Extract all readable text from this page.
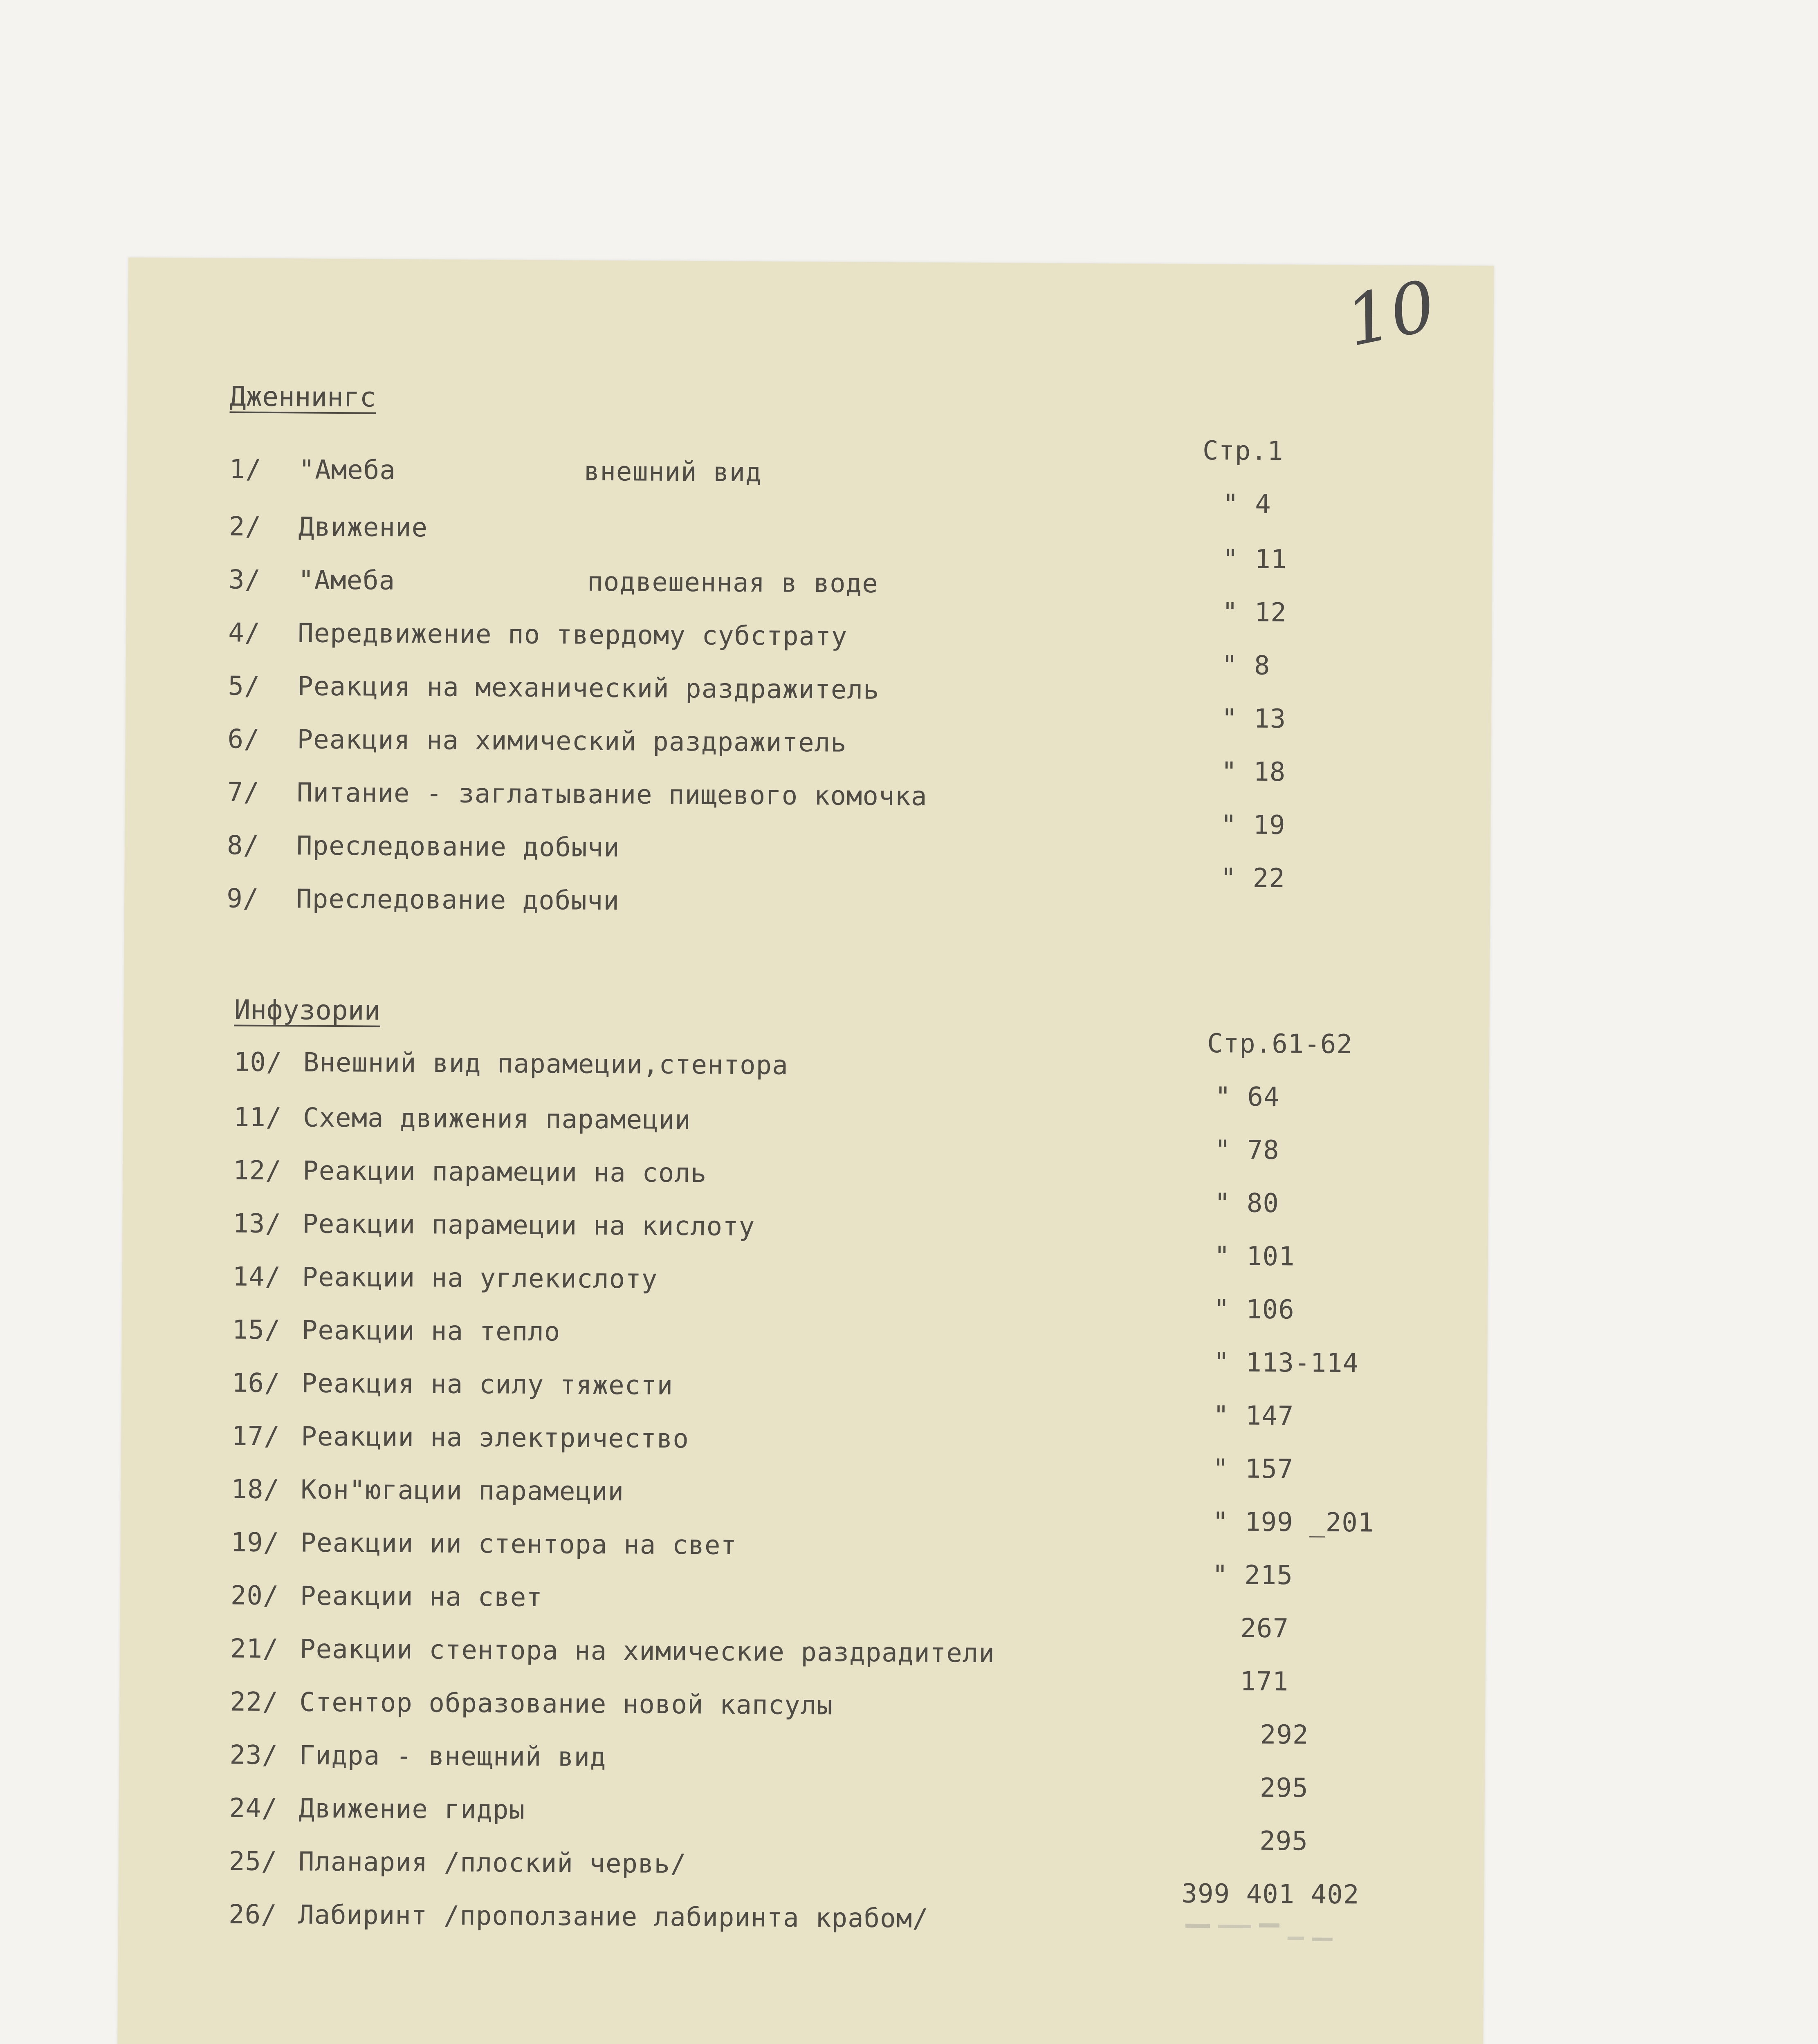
10
Дженнингс
Стр.1
1/ "Амеба	внешний вид
" 4
2/ Движение
" 11
3/ "Амеба	подвешенная в воде
" 12
4/ Передвижение по твердому субстрату
" 8
5/ Реакция на механический раздражитель
" 13
6/ Реакция на химический раздражитель
" 18
7/ Питание - заглатывание пищевого комочка
" 19
8/ Преследование добычи
" 22
9/ Преследование добычи
Инфузории
Стр.61-62
10/ Внешний вид парамеции,стентора
" 64
11/ Схема движения парамеции
" 78
12/ Реакции парамеции на соль
" 80
13/ Реакции парамеции на кислоту
" 101
14/ Реакции на углекислоту
" 106
15/ Реакции на тепло
" 113-114
16/ Реакция на силу тяжести
" 147
17/ Реакции на электричество
" 157
18/ Кон"югации парамеции
" 199 _201
19/ Реакции ии стентора на свет
" 215
20/ Реакции на свет
267
21/ Реакции стентора на химические раздрадители
171
22/ Стентор образование новой капсулы
292
23/ Гидра - внещний вид
295
24/ Движение гидры
295
25/ Планария /плоский червь/
399 401 402
26/ Лабиринт /проползание лабиринта крабом/
